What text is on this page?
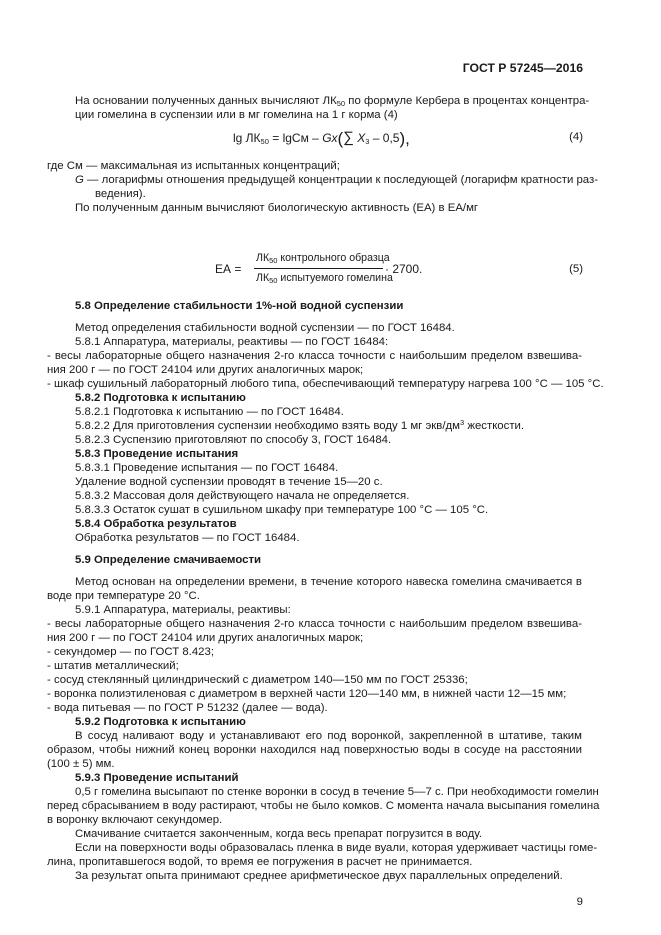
ГОСТ Р 57245—2016
На основании полученных данных вычисляют $ЛК_{50}$ по формуле Кербера в процентах концентра-
ции гомелина в суспензии или в мг гомелина на 1 г корма (4)
$\lg ЛК_{50} = \lg См - Gx(\sum$ $X_3 - 0,5$),	(4)
где См — максимальная из испытанных концентраций;
G — логарифмы отношения предыдущей концентрации к последующей (логарифм кратности раз-
ведения).
По полученным данным вычисляют биологическую активность (ЕА) в ЕА/мг
ЕА =
$ЛК_{50}$ контрольного образца
$ЛК_{50}$ испытуемого гомелина
· 2700.	(5)
5.8 Определение стабильности 1%-ной водной суспензии
Метод определения стабильности водной суспензии — по ГОСТ 16484.
5.8.1 Аппаратура, материалы, реактивы — по ГОСТ 16484:
- весы лабораторные общего назначения 2-го класса точности с наибольшим пределом взвешива-
ния 200 г — по ГОСТ 24104 или других аналогичных марок;
- шкаф сушильный лабораторный любого типа, обеспечивающий температуру нагрева 100 °С — 105 °С.
5.8.2 Подготовка к испытанию
5.8.2.1 Подготовка к испытанию — по ГОСТ 16484.
5.8.2.2 Для приготовления суспензии необходимо взять воду 1 мг экв/$дм^3$ жесткости.
5.8.2.3 Суспензию приготовляют по способу 3, ГОСТ 16484.
5.8.3 Проведение испытания
5.8.3.1 Проведение испытания — по ГОСТ 16484.
Удаление водной суспензии проводят в течение 15—20 с.
5.8.3.2 Массовая доля действующего начала не определяется.
5.8.3.3 Остаток сушат в сушильном шкафу при температуре 100 °С — 105 °С.
5.8.4 Обработка результатов
Обработка результатов — по ГОСТ 16484.
5.9 Определение смачиваемости
Метод основан на определении времени, в течение которого навеска гомелина смачивается в
воде при температуре 20 °С.
5.9.1 Аппаратура, материалы, реактивы:
- весы лабораторные общего назначения 2-го класса точности с наибольшим пределом взвешива-
ния 200 г — по ГОСТ 24104 или других аналогичных марок;
- секундомер — по ГОСТ 8.423;
- штатив металлический;
- сосуд стеклянный цилиндрический с диаметром 140—150 мм по ГОСТ 25336;
- воронка полиэтиленовая с диаметром в верхней части 120—140 мм, в нижней части 12—15 мм;
- вода питьевая — по ГОСТ Р 51232 (далее — вода).
5.9.2 Подготовка к испытанию
В сосуд наливают воду и устанавливают его под воронкой, закрепленной в штативе, таким
образом, чтобы нижний конец воронки находился над поверхностью воды в сосуде на расстоянии
(100 ± 5) мм.
5.9.3 Проведение испытаний
0,5 г гомелина высыпают по стенке воронки в сосуд в течение 5—7 с. При необходимости гомелин
перед сбрасыванием в воду растирают, чтобы не было комков. С момента начала высыпания гомелина
в воронку включают секундомер.
Смачивание считается законченным, когда весь препарат погрузится в воду.
Если на поверхности воды образовалась пленка в виде вуали, которая удерживает частицы гоме-
лина, пропитавшегося водой, то время ее погружения в расчет не принимается.
За результат опыта принимают среднее арифметическое двух параллельных определений.
9
